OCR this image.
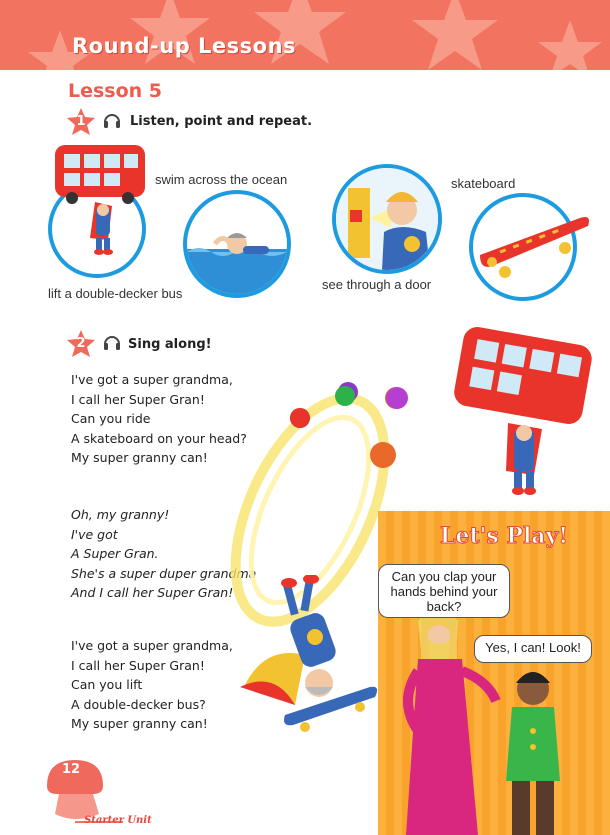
Round-up Lessons
Lesson 5
1	Listen, point and repeat.
lift a double-decker bus
swim across the ocean
see through a door
skateboard
2	Sing along!
I've got a super grandma,
I call her Super Gran!
Can you ride
A skateboard on your head?
My super granny can!
Oh, my granny!
I've got
A Super Gran.
She's a super duper grandma
And I call her Super Gran!
I've got a super grandma,
I call her Super Gran!
Can you lift
A double-decker bus?
My super granny can!
Let's Play!
Can you clap your hands behind your back?
Yes, I can! Look!
12
Starter Unit
